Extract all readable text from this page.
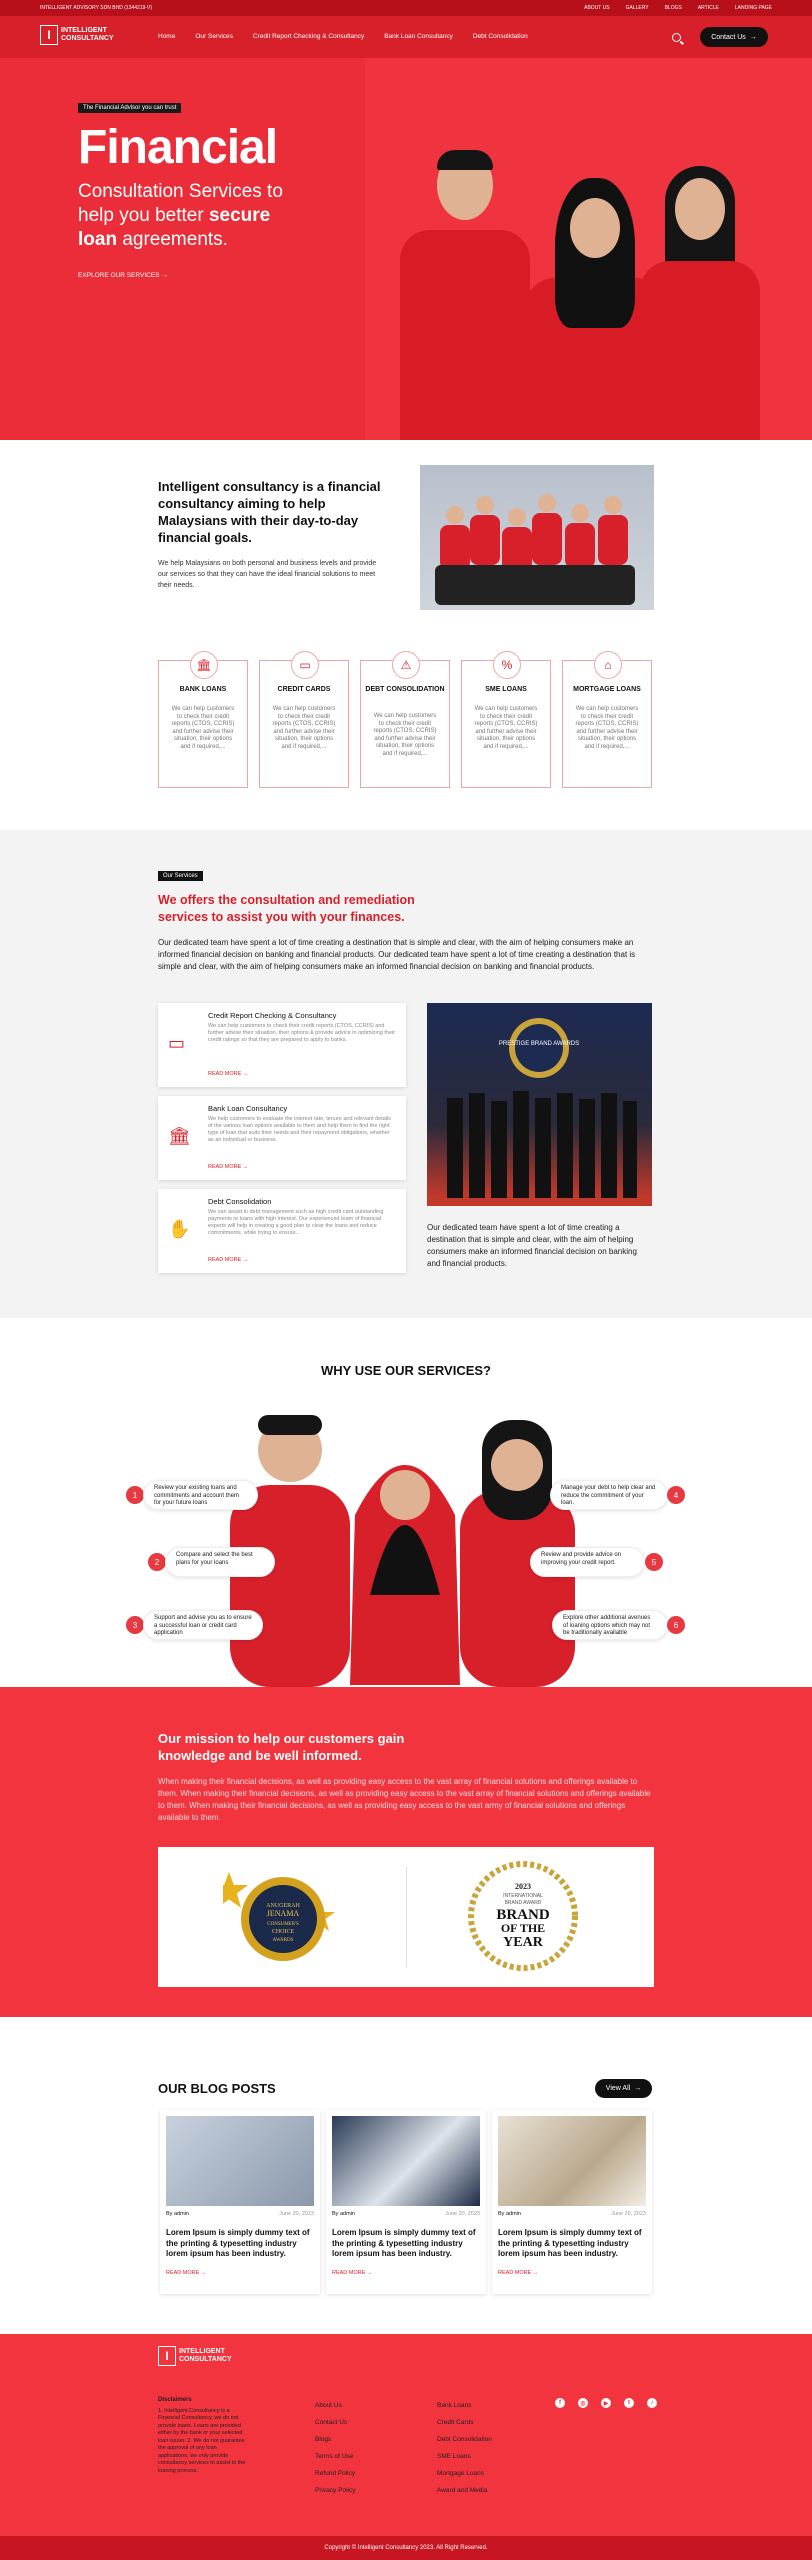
INTELLIGENT ADVISORY SDN BHD (1344219-V)	ABOUT US	GALLERY	BLOGS	ARTICLE	LANDING PAGE
I	INTELLIGENT
CONSULTANCY	Home	Our Services	Credit Report Checking & Consultancy	Bank Loan Consultancy	Debt Consolidation	Contact Us →
The Financial Advisor you can trust
Financial
Consultation Services to help you better secure loan agreements.
EXPLORE OUR SERVICES →
Intelligent consultancy is a financial consultancy aiming to help Malaysians with their day-to-day financial goals.
We help Malaysians on both personal and business levels and provide our services so that they can have the ideal financial solutions to meet their needs.
🏛
BANK LOANS
We can help customers to check their credit reports (CTOS, CCRIS) and further advise their situation, their options and if required,...
▭
CREDIT CARDS
We can help customers to check their credit reports (CTOS, CCRIS) and further advise their situation, their options and if required,...
⚠
DEBT CONSOLIDATION
We can help customers to check their credit reports (CTOS, CCRIS) and further advise their situation, their options and if required,...
%
SME LOANS
We can help customers to check their credit reports (CTOS, CCRIS) and further advise their situation, their options and if required,...
⌂
MORTGAGE LOANS
We can help customers to check their credit reports (CTOS, CCRIS) and further advise their situation, their options and if required,...
Our Services
We offers the consultation and remediation services to assist you with your finances.
Our dedicated team have spent a lot of time creating a destination that is simple and clear, with the aim of helping consumers make an informed financial decision on banking and financial products. Our dedicated team have spent a lot of time creating a destination that is simple and clear, with the aim of helping consumers make an informed financial decision on banking and financial products.
▭
Credit Report Checking & Consultancy
We can help customers to check their credit reports (CTOS, CCRIS) and further advise their situation, their options & provide advice in optimizing their credit ratings so that they are prepared to apply to banks.
READ MORE →
🏛
Bank Loan Consultancy
We help customers to evaluate the interest rate, tenure and relevant details of the various loan options available to them and help them to find the right type of loan that suits their needs and their repayment obligations, whether as an individual or business.
READ MORE →
✋
Debt Consolidation
We can assist in debt management such as high credit card outstanding payments or loans with high interest. Our experienced team of financial experts will help in creating a good plan to clear the loans and reduce commitments, while trying to ensure...
READ MORE →
PRESTIGE BRAND AWARDS
Our dedicated team have spent a lot of time creating a destination that is simple and clear, with the aim of helping consumers make an informed financial decision on banking and financial products.
WHY USE OUR SERVICES?
1
Review your existing loans and commitments and account them for your future loans
2
Compare and select the best plans for your loans
3
Support and advise you as to ensure a successful loan or credit card application
Manage your debt to help clear and reduce the commitment of your loan.
4
Review and provide advice on improving your credit report.	5
Explore other additional avenues of loaning options which may not be traditionally available
6
Our mission to help our customers gain knowledge and be well informed.
When making their financial decisions, as well as providing easy access to the vast array of financial solutions and offerings available to them. When making their financial decisions, as well as providing easy access to the vast array of financial solutions and offerings available to them. When making their financial decisions, as well as providing easy access to the vast army of financial solutions and offerings available to them.
ANUGERAH
JENAMA
CONSUMER'S
CHOICE
AWARDS
2023
INTERNATIONAL
BRAND AWARD
BRAND
OF THE
YEAR
OUR BLOG POSTS	View All →
By admin	June 20, 2023
Lorem Ipsum is simply dummy text of the printing & typesetting industry lorem ipsum has been industry.
READ MORE →
By admin	June 20, 2023
Lorem Ipsum is simply dummy text of the printing & typesetting industry lorem ipsum has been industry.
READ MORE →
By admin	June 20, 2023
Lorem Ipsum is simply dummy text of the printing & typesetting industry lorem ipsum has been industry.
READ MORE →
I	INTELLIGENT
CONSULTANCY
Disclaimers
1. Intelligent Consultancy is a Financial Consultancy, we do not provide loans. Loans are provided either by the bank or your selected loan issuer. 2. We do not guarantee the approval of any loan applications, we only provide consultancy services to assist in the loaning process.
About Us
Contact Us
Blogs
Terms of Use
Refund Policy
Privacy Policy
Bank Loans
Credit Cards
Debt Consolidation
SME Loans
Mortgage Loans
Award and Media
f	◎	▶	t	♪
Copyright © Intelligent Consultancy 2023. All Right Reserved.
